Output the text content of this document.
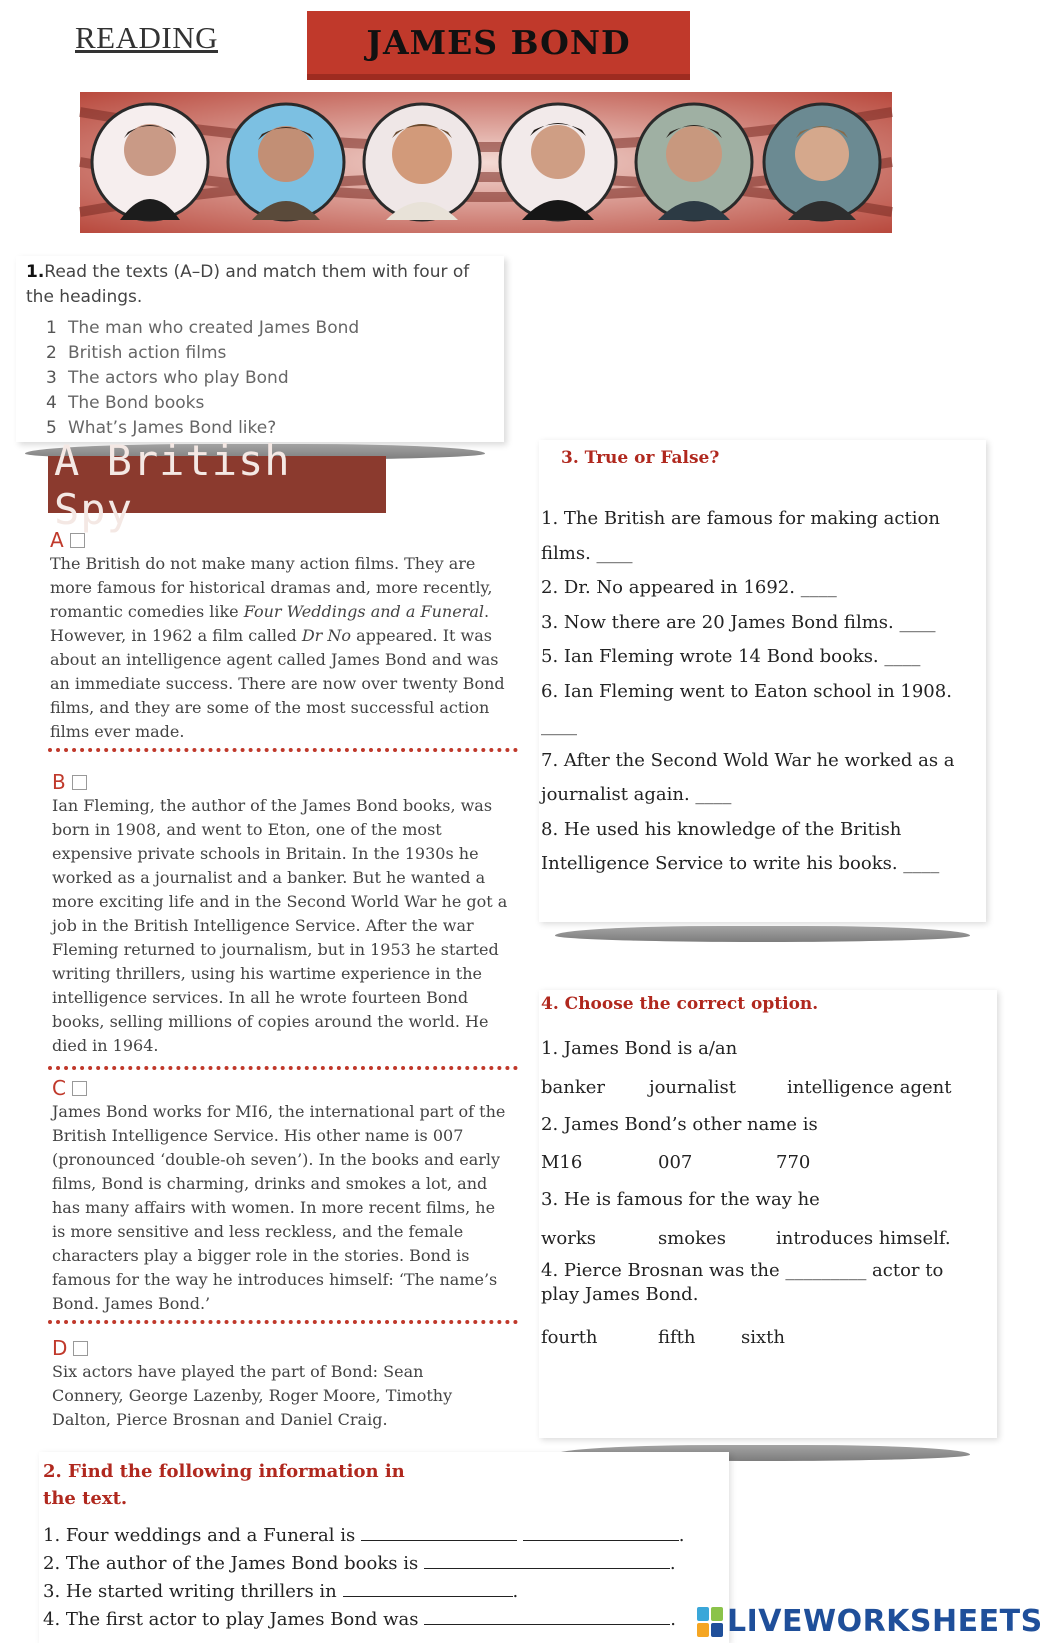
READING	JAMES BOND
1.Read the texts (A–D) and match them with four of the headings.
1 The man who created James Bond
2 British action films
3 The actors who play Bond
4 The Bond books
5 What’s James Bond like?
A British Spy
A
The British do not make many action films. They are more famous for historical dramas and, more recently, romantic comedies like Four Weddings and a Funeral. However, in 1962 a film called Dr No appeared. It was about an intelligence agent called James Bond and was an immediate success. There are now over twenty Bond films, and they are some of the most successful action films ever made.
B
Ian Fleming, the author of the James Bond books, was born in 1908, and went to Eton, one of the most expensive private schools in Britain. In the 1930s he worked as a journalist and a banker. But he wanted a more exciting life and in the Second World War he got a job in the British Intelligence Service. After the war Fleming returned to journalism, but in 1953 he started writing thrillers, using his wartime experience in the intelligence services. In all he wrote fourteen Bond books, selling millions of copies around the world. He died in 1964.
C
James Bond works for MI6, the international part of the British Intelligence Service. His other name is 007 (pronounced ‘double-oh seven’). In the books and early films, Bond is charming, drinks and smokes a lot, and has many affairs with women. In more recent films, he is more sensitive and less reckless, and the female characters play a bigger role in the stories. Bond is famous for the way he introduces himself: ‘The name’s Bond. James Bond.’
D
Six actors have played the part of Bond: Sean Connery, George Lazenby, Roger Moore, Timothy Dalton, Pierce Brosnan and Daniel Craig.
3. True or False?
1. The British are famous for making action films. ____
2. Dr. No appeared in 1692. ____
3. Now there are 20 James Bond films. ____
5. Ian Fleming wrote 14 Bond books. ____
6. Ian Fleming went to Eaton school in 1908. ____
7. After the Second Wold War he worked as a journalist again. ____
8. He used his knowledge of the British Intelligence Service to write his books. ____
4. Choose the correct option.
1. James Bond is a/an
banker	journalist	intelligence agent
2. James Bond’s other name is
M16	007	770
3. He is famous for the way he
works	smokes	introduces himself.
4. Pierce Brosnan was the _________ actor to play James Bond.
fourth	fifth	sixth
2. Find the following information in the text.
1. Four weddings and a Funeral is	.
2. The author of the James Bond books is	.
3. He started writing thrillers in	.
4. The first actor to play James Bond was	.	LIVEWORKSHEETS
